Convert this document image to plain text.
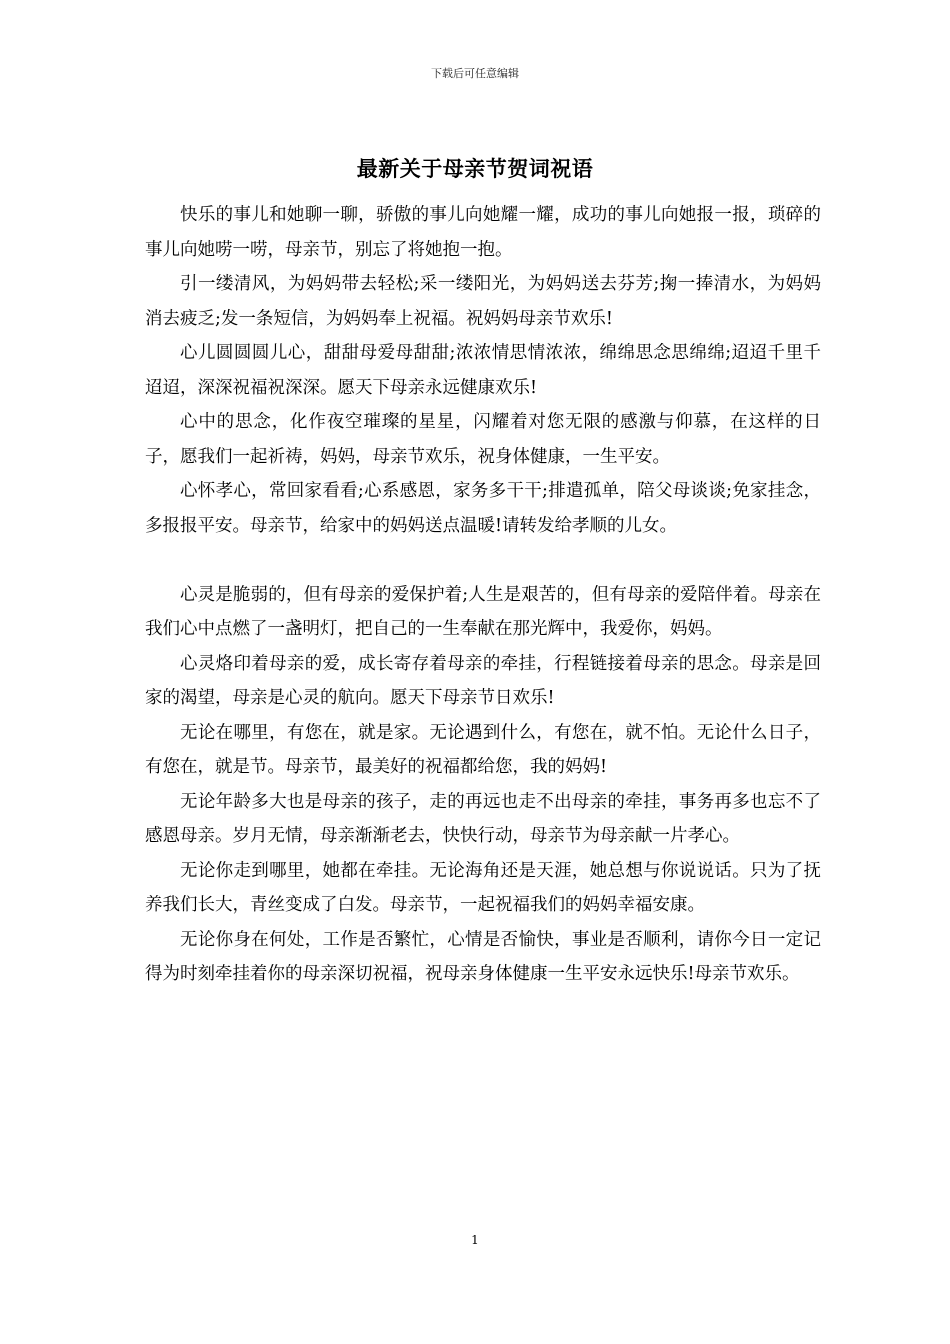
下载后可任意编辑
最新关于母亲节贺词祝语

快乐的事儿和她聊一聊，骄傲的事儿向她耀一耀，成功的事儿向她报一报，琐碎的事儿向她唠一唠，母亲节，别忘了将她抱一抱。

引一缕清风，为妈妈带去轻松;采一缕阳光，为妈妈送去芬芳;掬一捧清水，为妈妈消去疲乏;发一条短信，为妈妈奉上祝福。祝妈妈母亲节欢乐!

心儿圆圆圆儿心，甜甜母爱母甜甜;浓浓情思情浓浓，绵绵思念思绵绵;迢迢千里千迢迢，深深祝福祝深深。愿天下母亲永远健康欢乐!

心中的思念，化作夜空璀璨的星星，闪耀着对您无限的感激与仰慕，在这样的日子，愿我们一起祈祷，妈妈，母亲节欢乐，祝身体健康，一生平安。

心怀孝心，常回家看看;心系感恩，家务多干干;排遣孤单，陪父母谈谈;免家挂念，多报报平安。母亲节，给家中的妈妈送点温暖!请转发给孝顺的儿女。

心灵是脆弱的，但有母亲的爱保护着;人生是艰苦的，但有母亲的爱陪伴着。母亲在我们心中点燃了一盏明灯，把自己的一生奉献在那光辉中，我爱你，妈妈。

心灵烙印着母亲的爱，成长寄存着母亲的牵挂，行程链接着母亲的思念。母亲是回家的渴望，母亲是心灵的航向。愿天下母亲节日欢乐!

无论在哪里，有您在，就是家。无论遇到什么，有您在，就不怕。无论什么日子，有您在，就是节。母亲节，最美好的祝福都给您，我的妈妈!

无论年龄多大也是母亲的孩子，走的再远也走不出母亲的牵挂，事务再多也忘不了感恩母亲。岁月无情，母亲渐渐老去，快快行动，母亲节为母亲献一片孝心。

无论你走到哪里，她都在牵挂。无论海角还是天涯，她总想与你说说话。只为了抚养我们长大，青丝变成了白发。母亲节，一起祝福我们的妈妈幸福安康。

无论你身在何处，工作是否繁忙，心情是否愉快，事业是否顺利，请你今日一定记得为时刻牵挂着你的母亲深切祝福，祝母亲身体健康一生平安永远快乐!母亲节欢乐。

1
